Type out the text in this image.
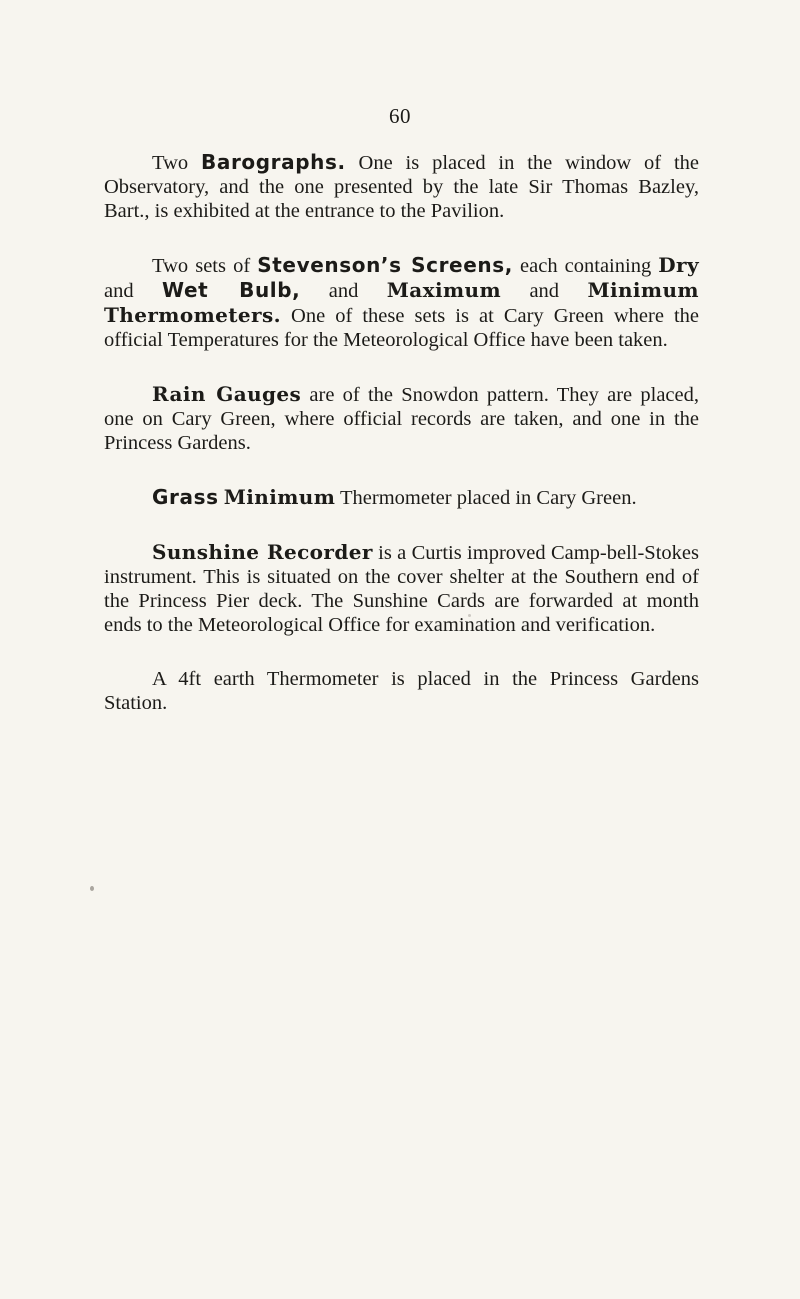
60

Two Barographs. One is placed in the window of the Observatory, and the one presented by the late Sir Thomas Bazley, Bart., is exhibited at the entrance to the Pavilion.

Two sets of Stevenson’s Screens, each containing Dry and Wet Bulb, and Maximum and Minimum Thermometers. One of these sets is at Cary Green where the official Temperatures for the Meteorological Office have been taken.

Rain Gauges are of the Snowdon pattern. They are placed, one on Cary Green, where official records are taken, and one in the Princess Gardens.

Grass Minimum Thermometer placed in Cary Green.

Sunshine Recorder is a Curtis improved Camp-bell-Stokes instrument. This is situated on the cover shelter at the Southern end of the Princess Pier deck. The Sunshine Cards are forwarded at month ends to the Meteorological Office for examination and verification.

A 4ft earth Thermometer is placed in the Princess Gardens Station.
